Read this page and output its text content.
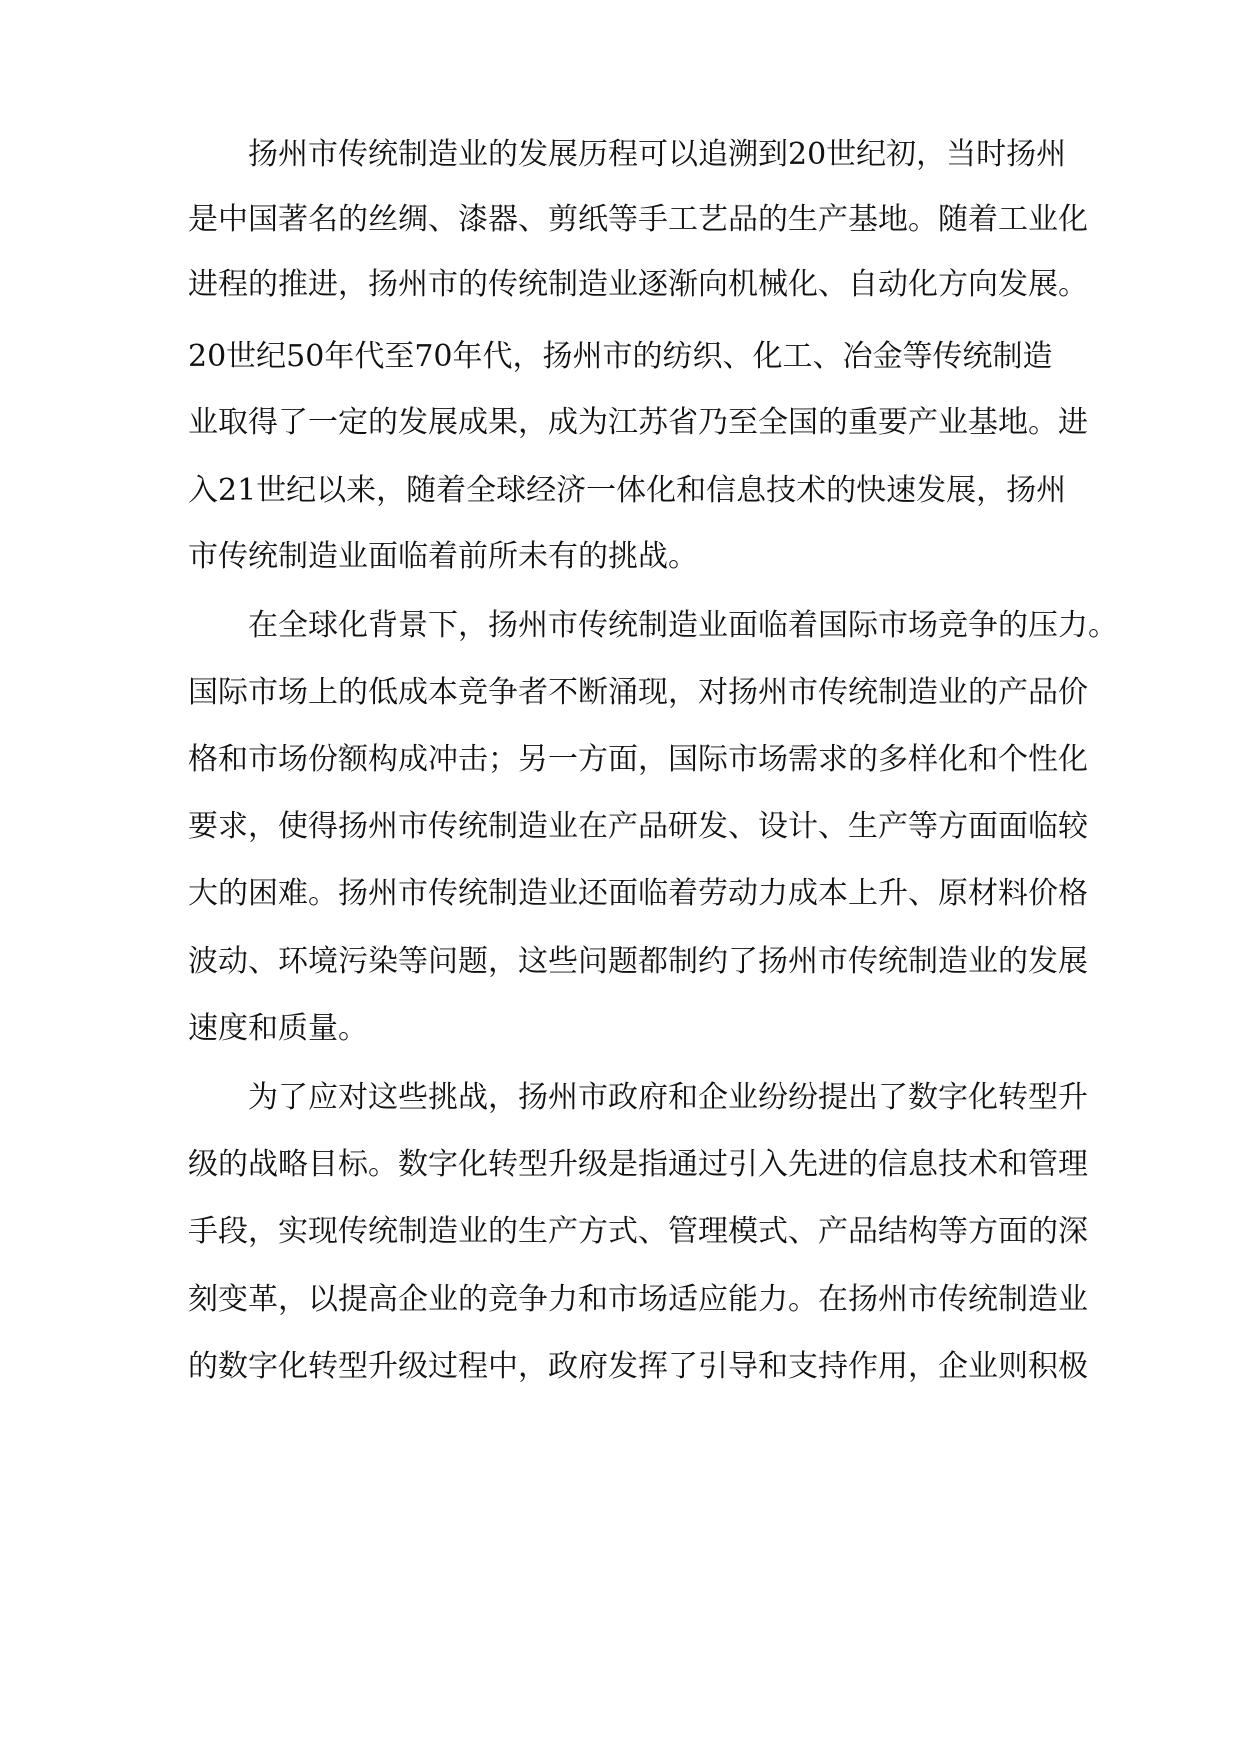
扬州市传统制造业的发展历程可以追溯到20世纪初，当时扬州
是中国著名的丝绸、漆器、剪纸等手工艺品的生产基地。随着工业化
进程的推进，扬州市的传统制造业逐渐向机械化、自动化方向发展。
20世纪50年代至70年代，扬州市的纺织、化工、冶金等传统制造
业取得了一定的发展成果，成为江苏省乃至全国的重要产业基地。进
入21世纪以来，随着全球经济一体化和信息技术的快速发展，扬州
市传统制造业面临着前所未有的挑战。
在全球化背景下，扬州市传统制造业面临着国际市场竞争的压力。
国际市场上的低成本竞争者不断涌现，对扬州市传统制造业的产品价
格和市场份额构成冲击；另一方面，国际市场需求的多样化和个性化
要求，使得扬州市传统制造业在产品研发、设计、生产等方面面临较
大的困难。扬州市传统制造业还面临着劳动力成本上升、原材料价格
波动、环境污染等问题，这些问题都制约了扬州市传统制造业的发展
速度和质量。
为了应对这些挑战，扬州市政府和企业纷纷提出了数字化转型升
级的战略目标。数字化转型升级是指通过引入先进的信息技术和管理
手段，实现传统制造业的生产方式、管理模式、产品结构等方面的深
刻变革，以提高企业的竞争力和市场适应能力。在扬州市传统制造业
的数字化转型升级过程中，政府发挥了引导和支持作用，企业则积极
